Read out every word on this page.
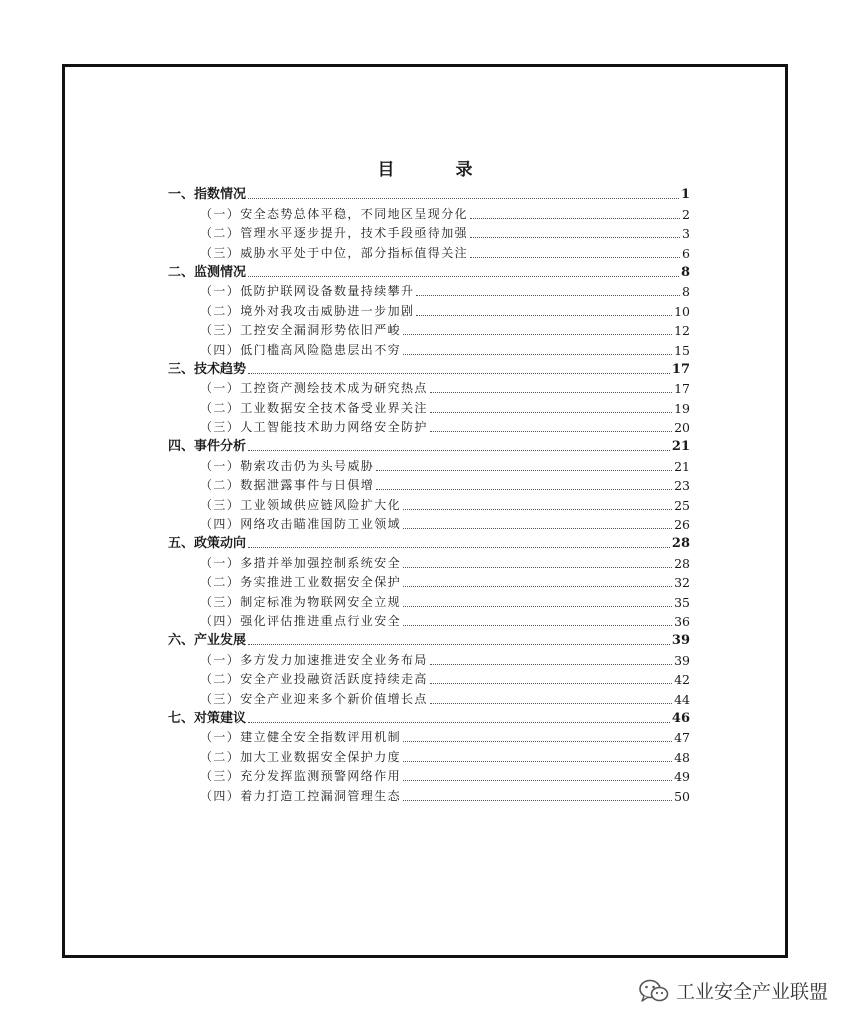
目　录
一、指数情况	1
（一）安全态势总体平稳，不同地区呈现分化	2
（二）管理水平逐步提升，技术手段亟待加强	3
（三）威胁水平处于中位，部分指标值得关注	6
二、监测情况	8
（一）低防护联网设备数量持续攀升	8
（二）境外对我攻击威胁进一步加剧	10
（三）工控安全漏洞形势依旧严峻	12
（四）低门槛高风险隐患层出不穷	15
三、技术趋势	17
（一）工控资产测绘技术成为研究热点	17
（二）工业数据安全技术备受业界关注	19
（三）人工智能技术助力网络安全防护	20
四、事件分析	21
（一）勒索攻击仍为头号威胁	21
（二）数据泄露事件与日俱增	23
（三）工业领域供应链风险扩大化	25
（四）网络攻击瞄准国防工业领域	26
五、政策动向	28
（一）多措并举加强控制系统安全	28
（二）务实推进工业数据安全保护	32
（三）制定标准为物联网安全立规	35
（四）强化评估推进重点行业安全	36
六、产业发展	39
（一）多方发力加速推进安全业务布局	39
（二）安全产业投融资活跃度持续走高	42
（三）安全产业迎来多个新价值增长点	44
七、对策建议	46
（一）建立健全安全指数评用机制	47
（二）加大工业数据安全保护力度	48
（三）充分发挥监测预警网络作用	49
（四）着力打造工控漏洞管理生态	50
工业安全产业联盟
